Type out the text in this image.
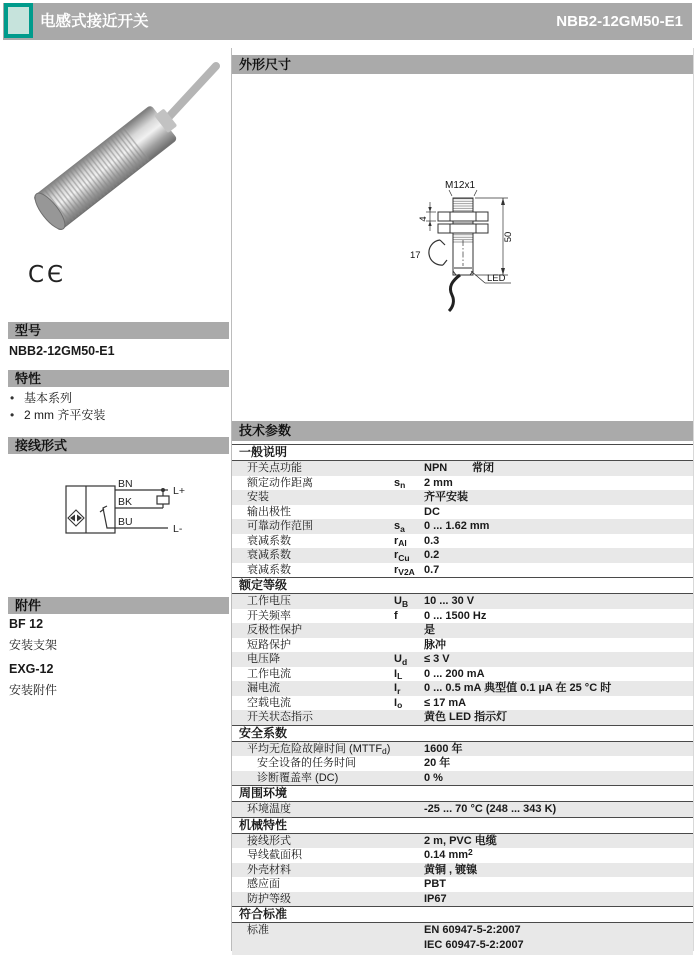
电感式接近开关	NBB2-12GM50-E1
CЄ
型号
NBB2-12GM50-E1
特性
• 基本系列
• 2 mm 齐平安装
接线形式
BN
BK
BU
L+
L-
附件
BF 12
安装支架
EXG-12
安装附件
外形尺寸
M12x1
4
17
50
LED
技术参数
一般说明
开关点功能	NPN 常闭
额定动作距离	$s_n$ 2 mm
安装	齐平安装
输出极性	DC
可靠动作范围	$s_a$ 0 ... 1.62 mm
衰减系数	$r_{Al}$ 0.3
衰减系数	$r_{Cu}$ 0.2
衰减系数	$r_{V2A}$ 0.7
额定等级
工作电压	$U_B$ 10 ... 30 V
开关频率	f 0 ... 1500 Hz
反极性保护	是
短路保护	脉冲
电压降	$U_d \le 3$ V
工作电流	$I_L$ 0 ... 200 mA
漏电流	$I_r$ 0 ... 0.5 mA 典型值 0.1 µA 在 25 °C 时
空载电流	$I_o \le 17$ mA
开关状态指示	黄色 LED 指示灯
安全系数
平均无危险故障时间 $(MTTF_d)$	1600 年
安全设备的任务时间	20 年
诊断覆盖率 (DC)	0 %
周围环境
环境温度	-25 ... 70 °C (248 ... 343 K)
机械特性
接线形式	2 m, PVC 电缆
导线截面积	0.14 $mm^2$
外壳材料	黄铜 , 镀镍
感应面	PBT
防护等级	IP67
符合标准
标准	EN 60947-5-2:2007
IEC 60947-5-2:2007
